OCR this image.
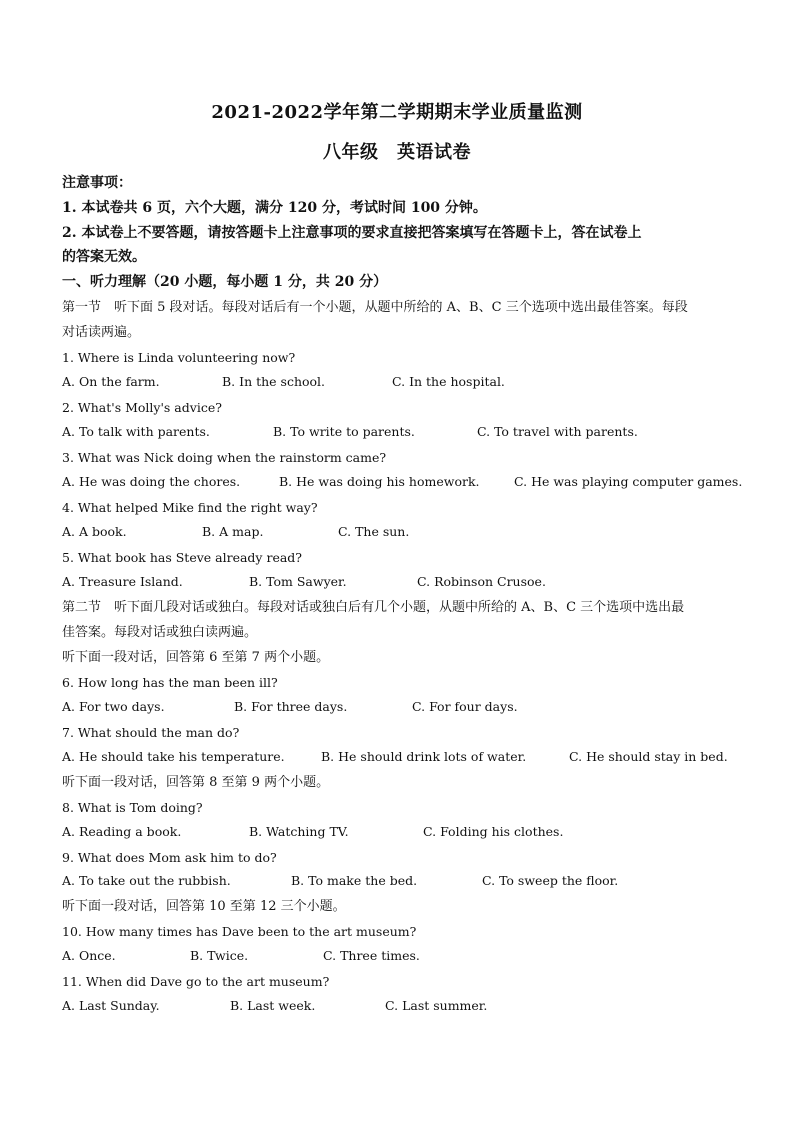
2021-2022学年第二学期期末学业质量监测
八年级　英语试卷
注意事项：
1. 本试卷共 6 页，六个大题，满分 120 分，考试时间 100 分钟。
2. 本试卷上不要答题，请按答题卡上注意事项的要求直接把答案填写在答题卡上，答在试卷上
的答案无效。
一、听力理解（20 小题，每小题 1 分，共 20 分）
第一节　听下面 5 段对话。每段对话后有一个小题，从题中所给的 A、B、C 三个选项中选出最佳答案。每段
对话读两遍。
1. Where is Linda volunteering now?
A. On the farm.	B. In the school.	C. In the hospital.
2. What's Molly's advice?
A. To talk with parents.	B. To write to parents.	C. To travel with parents.
3. What was Nick doing when the rainstorm came?
A. He was doing the chores.	B. He was doing his homework.	C. He was playing computer games.
4. What helped Mike find the right way?
A. A book.	B. A map.	C. The sun.
5. What book has Steve already read?
A. Treasure Island.	B. Tom Sawyer.	C. Robinson Crusoe.
第二节　听下面几段对话或独白。每段对话或独白后有几个小题，从题中所给的 A、B、C 三个选项中选出最
佳答案。每段对话或独白读两遍。
听下面一段对话，回答第 6 至第 7 两个小题。
6. How long has the man been ill?
A. For two days.	B. For three days.	C. For four days.
7. What should the man do?
A. He should take his temperature.	B. He should drink lots of water.	C. He should stay in bed.
听下面一段对话，回答第 8 至第 9 两个小题。
8. What is Tom doing?
A. Reading a book.	B. Watching TV.	C. Folding his clothes.
9. What does Mom ask him to do?
A. To take out the rubbish.	B. To make the bed.	C. To sweep the floor.
听下面一段对话，回答第 10 至第 12 三个小题。
10. How many times has Dave been to the art museum?
A. Once.	B. Twice.	C. Three times.
11. When did Dave go to the art museum?
A. Last Sunday.	B. Last week.	C. Last summer.
